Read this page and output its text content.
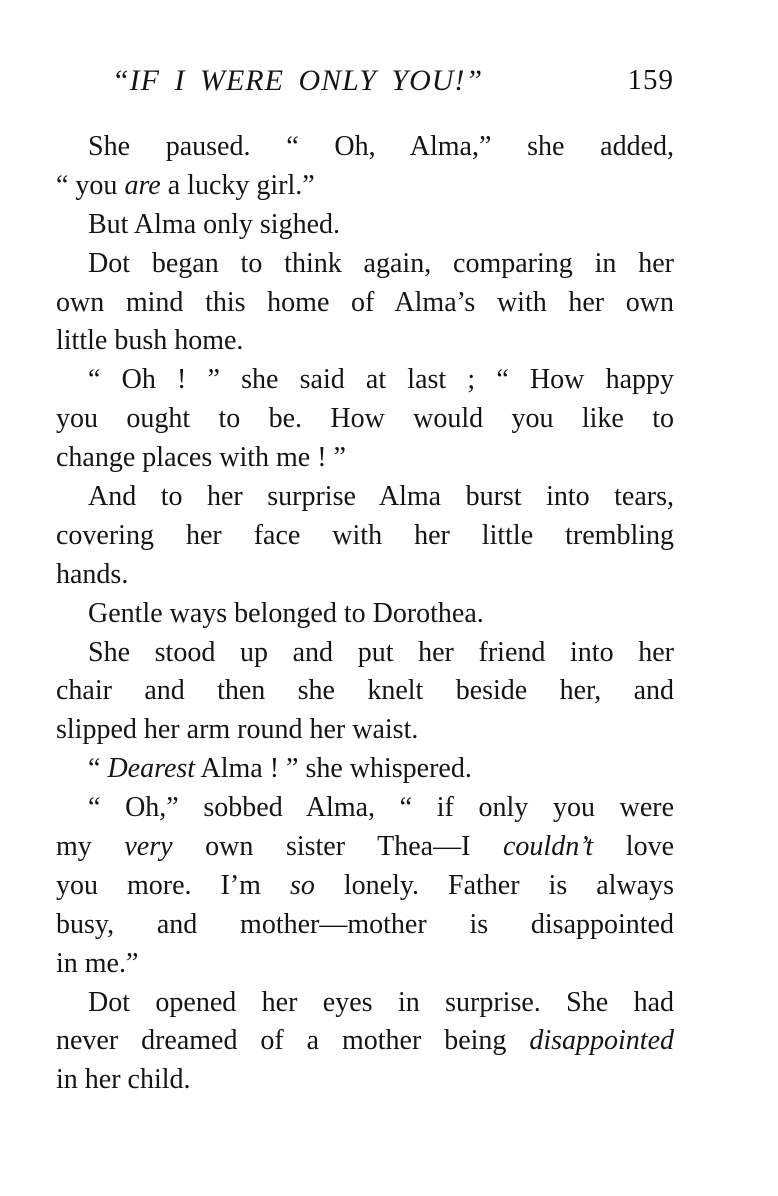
“IF I WERE ONLY YOU!”	159
She paused. “ Oh, Alma,” she added,
“ you are a lucky girl.”
But Alma only sighed.
Dot began to think again, comparing in her
own mind this home of Alma’s with her own
little bush home.
“ Oh ! ” she said at last ; “ How happy
you ought to be. How would you like to
change places with me ! ”
And to her surprise Alma burst into tears,
covering her face with her little trembling
hands.
Gentle ways belonged to Dorothea.
She stood up and put her friend into her
chair and then she knelt beside her, and
slipped her arm round her waist.
“ Dearest Alma ! ” she whispered.
“ Oh,” sobbed Alma, “ if only you were
my very own sister Thea—I couldn’t love
you more. I’m so lonely. Father is always
busy, and mother—mother is disappointed
in me.”
Dot opened her eyes in surprise. She had
never dreamed of a mother being disappointed
in her child.
